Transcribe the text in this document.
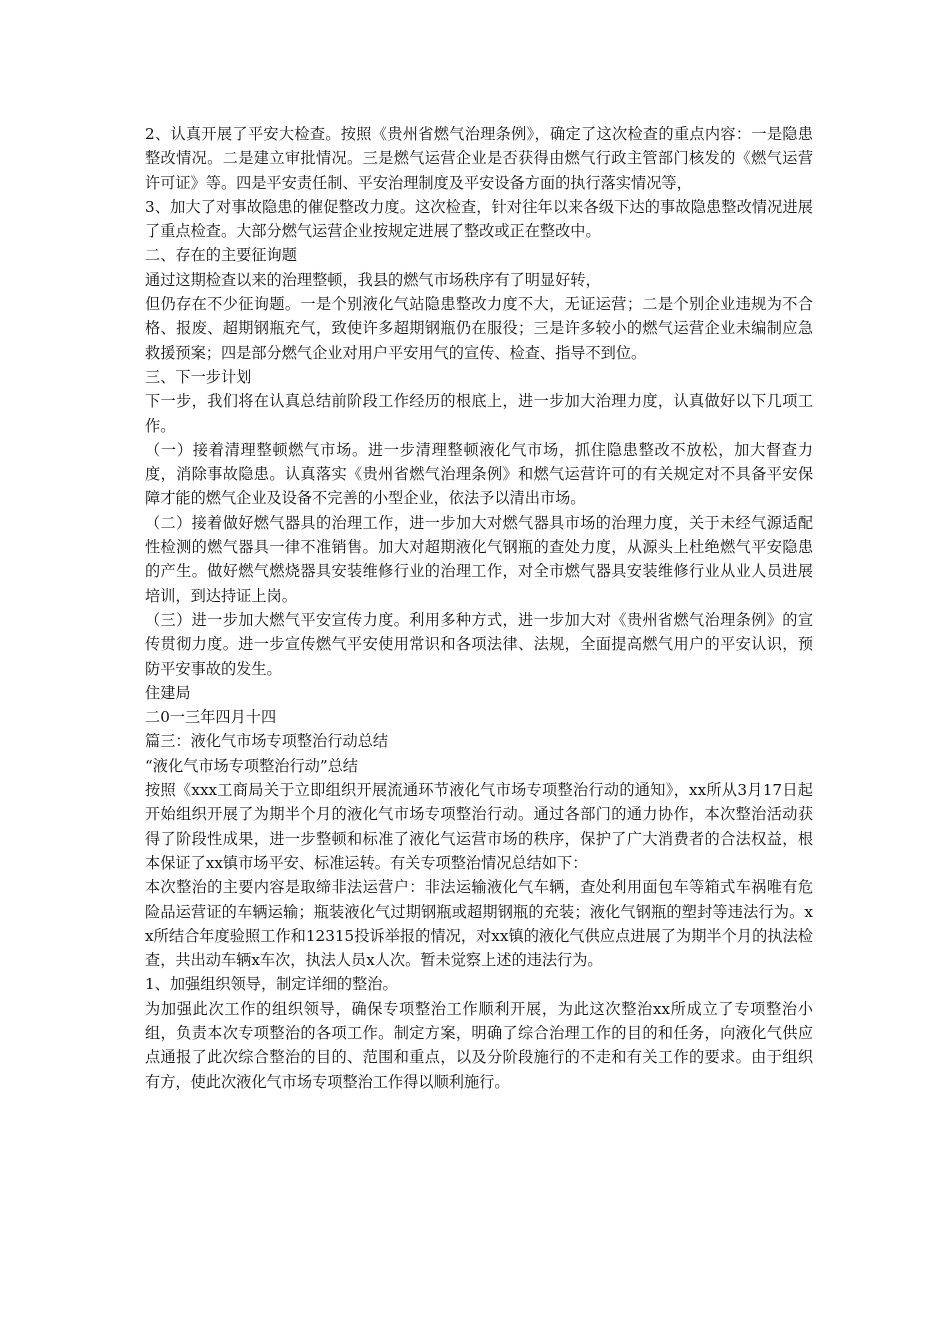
2、认真开展了平安大检查。按照《贵州省燃气治理条例》，确定了这次检查的重点内容：一是隐患整改情况。二是建立审批情况。三是燃气运营企业是否获得由燃气行政主管部门核发的《燃气运营许可证》等。四是平安责任制、平安治理制度及平安设备方面的执行落实情况等，

3、加大了对事故隐患的催促整改力度。这次检查，针对往年以来各级下达的事故隐患整改情况进展了重点检查。大部分燃气运营企业按规定进展了整改或正在整改中。

二、存在的主要征询题

通过这期检查以来的治理整顿，我县的燃气市场秩序有了明显好转，

但仍存在不少征询题。一是个别液化气站隐患整改力度不大，无证运营；二是个别企业违规为不合格、报废、超期钢瓶充气，致使许多超期钢瓶仍在服役；三是许多较小的燃气运营企业未编制应急救援预案；四是部分燃气企业对用户平安用气的宣传、检查、指导不到位。

三、下一步计划

下一步，我们将在认真总结前阶段工作经历的根底上，进一步加大治理力度，认真做好以下几项工作。

（一）接着清理整顿燃气市场。进一步清理整顿液化气市场，抓住隐患整改不放松，加大督查力度，消除事故隐患。认真落实《贵州省燃气治理条例》和燃气运营许可的有关规定对不具备平安保障才能的燃气企业及设备不完善的小型企业，依法予以清出市场。

（二）接着做好燃气器具的治理工作，进一步加大对燃气器具市场的治理力度，关于未经气源适配性检测的燃气器具一律不准销售。加大对超期液化气钢瓶的查处力度，从源头上杜绝燃气平安隐患的产生。做好燃气燃烧器具安装维修行业的治理工作，对全市燃气器具安装维修行业从业人员进展培训，到达持证上岗。

（三）进一步加大燃气平安宣传力度。利用多种方式，进一步加大对《贵州省燃气治理条例》的宣传贯彻力度。进一步宣传燃气平安使用常识和各项法律、法规，全面提高燃气用户的平安认识，预防平安事故的发生。

住建局

二0一三年四月十四

篇三：液化气市场专项整治行动总结

“液化气市场专项整治行动”总结

按照《xxx工商局关于立即组织开展流通环节液化气市场专项整治行动的通知》，xx所从3月17日起开始组织开展了为期半个月的液化气市场专项整治行动。通过各部门的通力协作，本次整治活动获得了阶段性成果，进一步整顿和标准了液化气运营市场的秩序，保护了广大消费者的合法权益，根本保证了xx镇市场平安、标准运转。有关专项整治情况总结如下：

本次整治的主要内容是取缔非法运营户：非法运输液化气车辆，查处利用面包车等箱式车祸唯有危险品运营证的车辆运输；瓶装液化气过期钢瓶或超期钢瓶的充装；液化气钢瓶的塑封等违法行为。xx所结合年度验照工作和12315投诉举报的情况，对xx镇的液化气供应点进展了为期半个月的执法检查，共出动车辆x车次，执法人员x人次。暂未觉察上述的违法行为。

1、加强组织领导，制定详细的整治。

为加强此次工作的组织领导，确保专项整治工作顺利开展，为此这次整治xx所成立了专项整治小组，负责本次专项整治的各项工作。制定方案，明确了综合治理工作的目的和任务，向液化气供应点通报了此次综合整治的目的、范围和重点，以及分阶段施行的不走和有关工作的要求。由于组织有方，使此次液化气市场专项整治工作得以顺利施行。
